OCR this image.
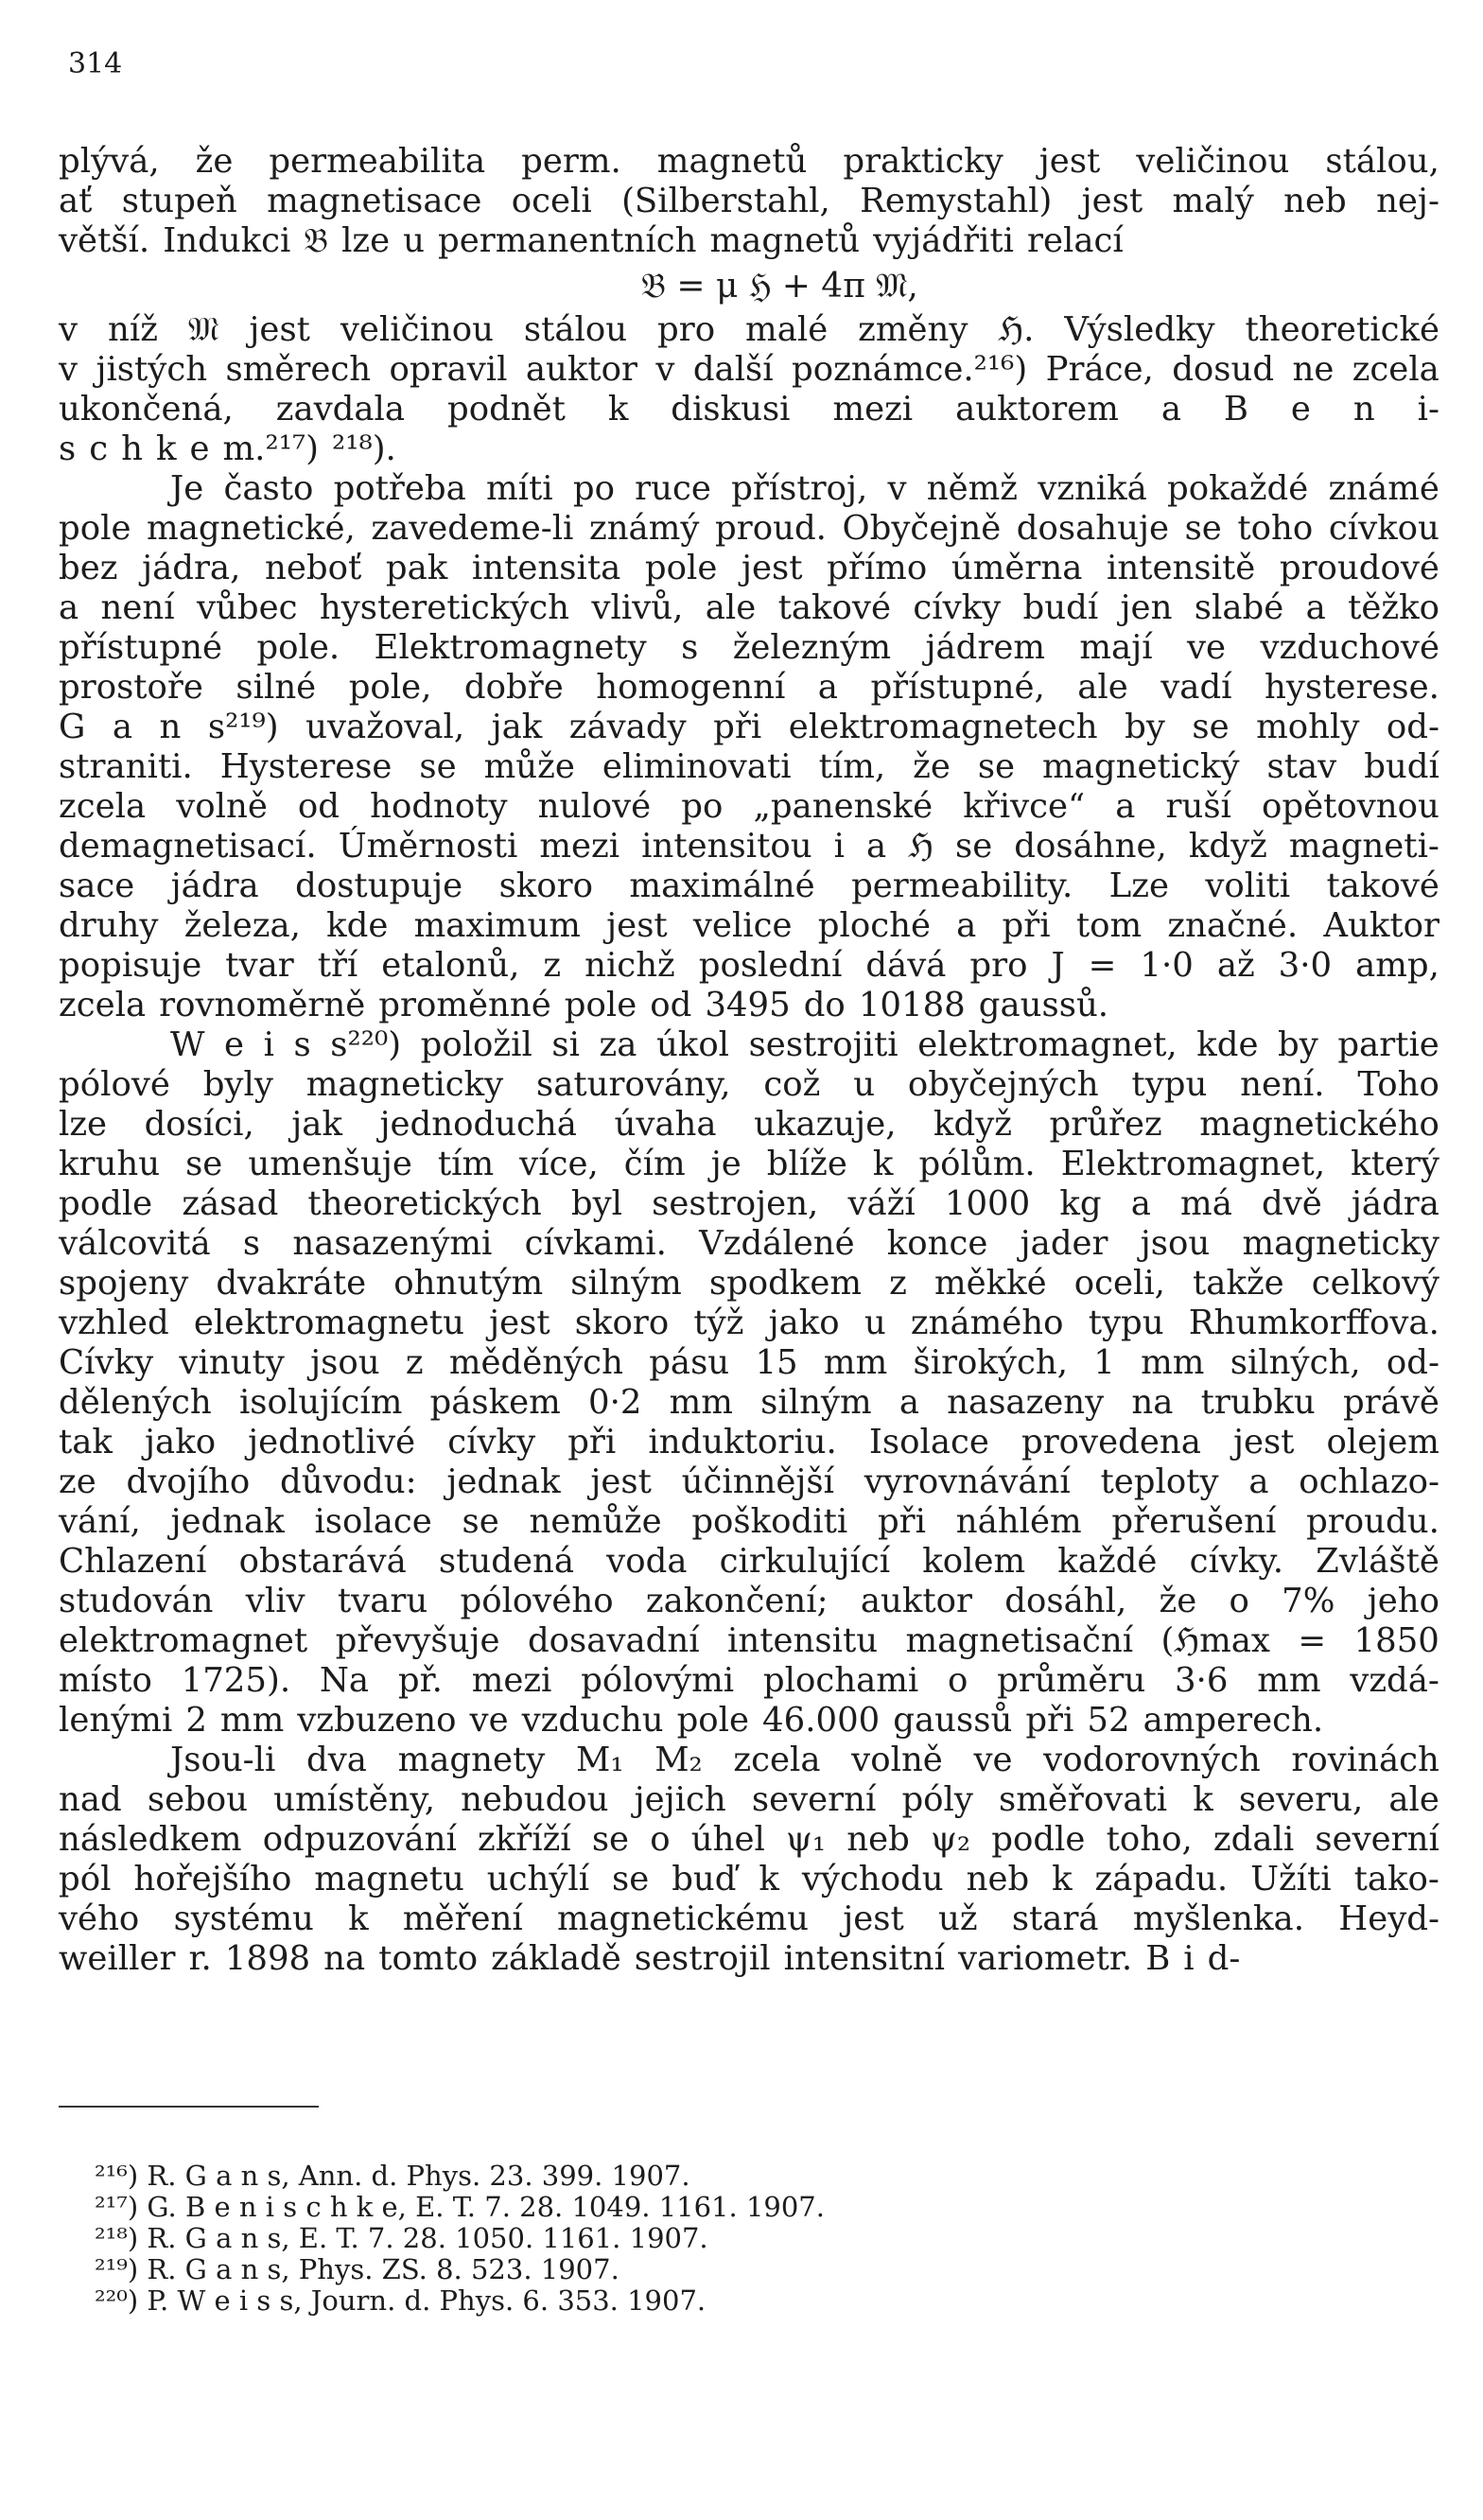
314
plývá, že permeabilita perm. magnetů prakticky jest veličinou stálou,
ať stupeň magnetisace oceli (Silberstahl, Remystahl) jest malý neb nej-
větší. Indukci 𝔅 lze u permanentních magnetů vyjádřiti relací
𝔅 = μ ℌ + 4π 𝔐,
v níž 𝔐 jest veličinou stálou pro malé změny ℌ. Výsledky theoretické
v jistých směrech opravil auktor v další poznámce.²¹⁶) Práce, dosud ne zcela
ukončená, zavdala podnět k diskusi mezi auktorem a B e n i-
s c h k e m.²¹⁷) ²¹⁸).
Je často potřeba míti po ruce přístroj, v němž vzniká pokaždé známé
pole magnetické, zavedeme-li známý proud. Obyčejně dosahuje se toho cívkou
bez jádra, neboť pak intensita pole jest přímo úměrna intensitě proudové
a není vůbec hysteretických vlivů, ale takové cívky budí jen slabé a těžko
přístupné pole. Elektromagnety s železným jádrem mají ve vzduchové
prostoře silné pole, dobře homogenní a přístupné, ale vadí hysterese.
G a n s²¹⁹) uvažoval, jak závady při elektromagnetech by se mohly od-
straniti. Hysterese se může eliminovati tím, že se magnetický stav budí
zcela volně od hodnoty nulové po „panenské křivce“ a ruší opětovnou
demagnetisací. Úměrnosti mezi intensitou i a ℌ se dosáhne, když magneti-
sace jádra dostupuje skoro maximálné permeability. Lze voliti takové
druhy železa, kde maximum jest velice ploché a při tom značné. Auktor
popisuje tvar tří etalonů, z nichž poslední dává pro J = 1·0 až 3·0 amp,
zcela rovnoměrně proměnné pole od 3495 do 10188 gaussů.
W e i s s²²⁰) položil si za úkol sestrojiti elektromagnet, kde by partie
pólové byly magneticky saturovány, což u obyčejných typu není. Toho
lze dosíci, jak jednoduchá úvaha ukazuje, když průřez magnetického
kruhu se umenšuje tím více, čím je blíže k pólům. Elektromagnet, který
podle zásad theoretických byl sestrojen, váží 1000 kg a má dvě jádra
válcovitá s nasazenými cívkami. Vzdálené konce jader jsou magneticky
spojeny dvakráte ohnutým silným spodkem z měkké oceli, takže celkový
vzhled elektromagnetu jest skoro týž jako u známého typu Rhumkorffova.
Cívky vinuty jsou z měděných pásu 15 mm širokých, 1 mm silných, od-
dělených isolujícím páskem 0·2 mm silným a nasazeny na trubku právě
tak jako jednotlivé cívky při induktoriu. Isolace provedena jest olejem
ze dvojího důvodu: jednak jest účinnější vyrovnávání teploty a ochlazo-
vání, jednak isolace se nemůže poškoditi při náhlém přerušení proudu.
Chlazení obstarává studená voda cirkulující kolem každé cívky. Zvláště
studován vliv tvaru pólového zakončení; auktor dosáhl, že o 7% jeho
elektromagnet převyšuje dosavadní intensitu magnetisační (ℌmax = 1850
místo 1725). Na př. mezi pólovými plochami o průměru 3·6 mm vzdá-
lenými 2 mm vzbuzeno ve vzduchu pole 46.000 gaussů při 52 amperech.
Jsou-li dva magnety M₁ M₂ zcela volně ve vodorovných rovinách
nad sebou umístěny, nebudou jejich severní póly směřovati k severu, ale
následkem odpuzování zkříží se o úhel ψ₁ neb ψ₂ podle toho, zdali severní
pól hořejšího magnetu uchýlí se buď k východu neb k západu. Užíti tako-
vého systému k měření magnetickému jest už stará myšlenka. Heyd-
weiller r. 1898 na tomto základě sestrojil intensitní variometr. B i d-
²¹⁶) R. G a n s, Ann. d. Phys. 23. 399. 1907.
²¹⁷) G. B e n i s c h k e, E. T. 7. 28. 1049. 1161. 1907.
²¹⁸) R. G a n s, E. T. 7. 28. 1050. 1161. 1907.
²¹⁹) R. G a n s, Phys. ZS. 8. 523. 1907.
²²⁰) P. W e i s s, Journ. d. Phys. 6. 353. 1907.
